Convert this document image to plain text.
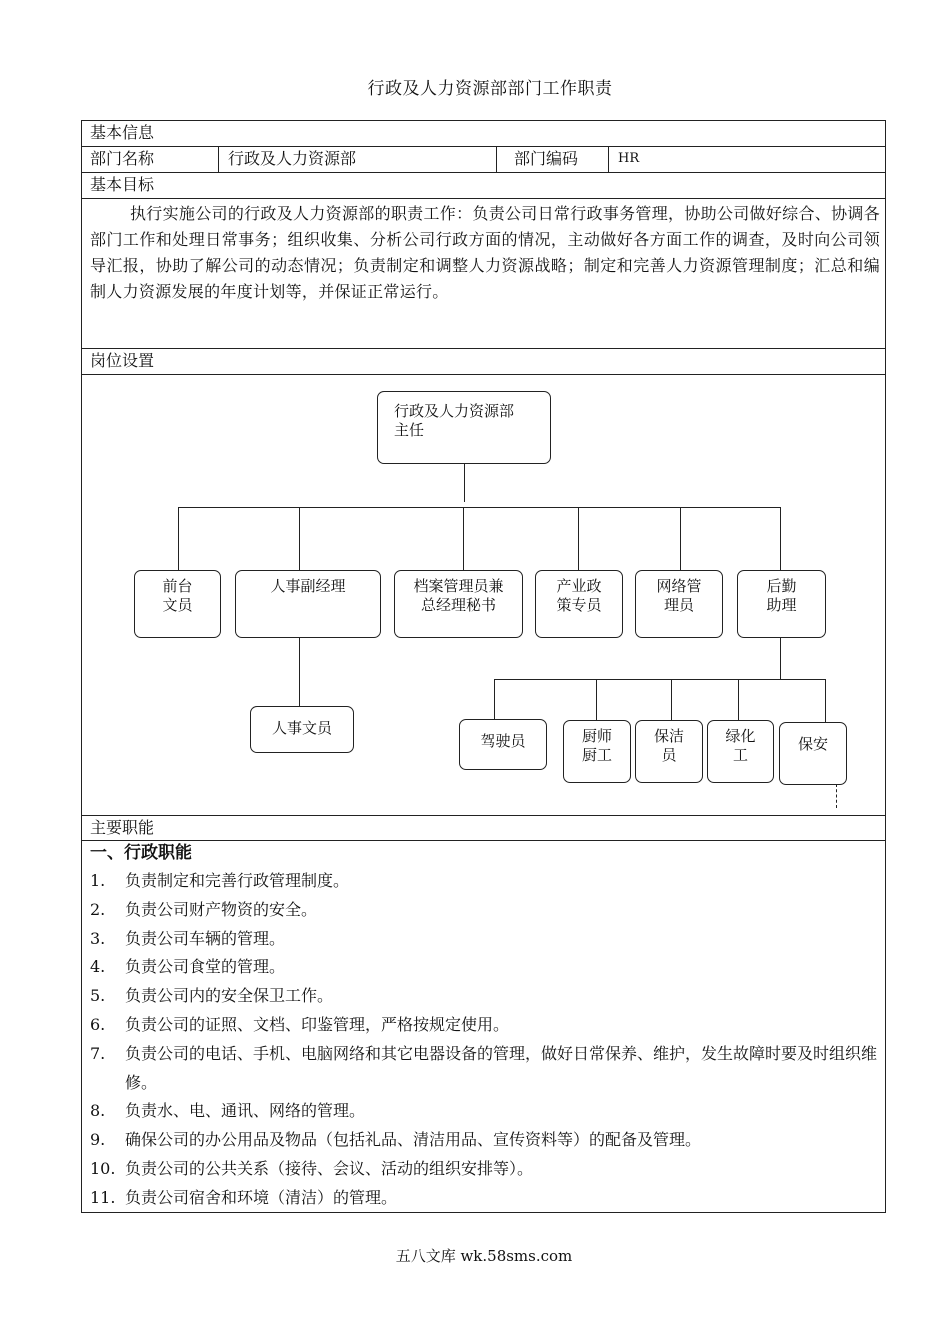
行政及人力资源部部门工作职责
基本信息
部门名称	行政及人力资源部	部门编码	HR
基本目标
执行实施公司的行政及人力资源部的职责工作：负责公司日常行政事务管理，协助公司做好综合、协调各部门工作和处理日常事务；组织收集、分析公司行政方面的情况，主动做好各方面工作的调查，及时向公司领导汇报，协助了解公司的动态情况；负责制定和调整人力资源战略；制定和完善人力资源管理制度；汇总和编制人力资源发展的年度计划等，并保证正常运行。
岗位设置
行政及人力资源部
主任
前台
文员
人事副经理	档案管理员兼
总经理秘书
产业政
策专员
网络管
理员
后勤
助理
人事文员
驾驶员	厨师
厨工
保洁
员
绿化
工
保安
主要职能
一、行政职能
1. 负责制定和完善行政管理制度。
2. 负责公司财产物资的安全。
3. 负责公司车辆的管理。
4. 负责公司食堂的管理。
5. 负责公司内的安全保卫工作。
6. 负责公司的证照、文档、印鉴管理，严格按规定使用。
7. 负责公司的电话、手机、电脑网络和其它电器设备的管理，做好日常保养、维护，发生故障时要及时组织维修。
8. 负责水、电、通讯、网络的管理。
9. 确保公司的办公用品及物品（包括礼品、清洁用品、宣传资料等）的配备及管理。
10. 负责公司的公共关系（接待、会议、活动的组织安排等）。
11. 负责公司宿舍和环境（清洁）的管理。
五八文库 wk.58sms.com
